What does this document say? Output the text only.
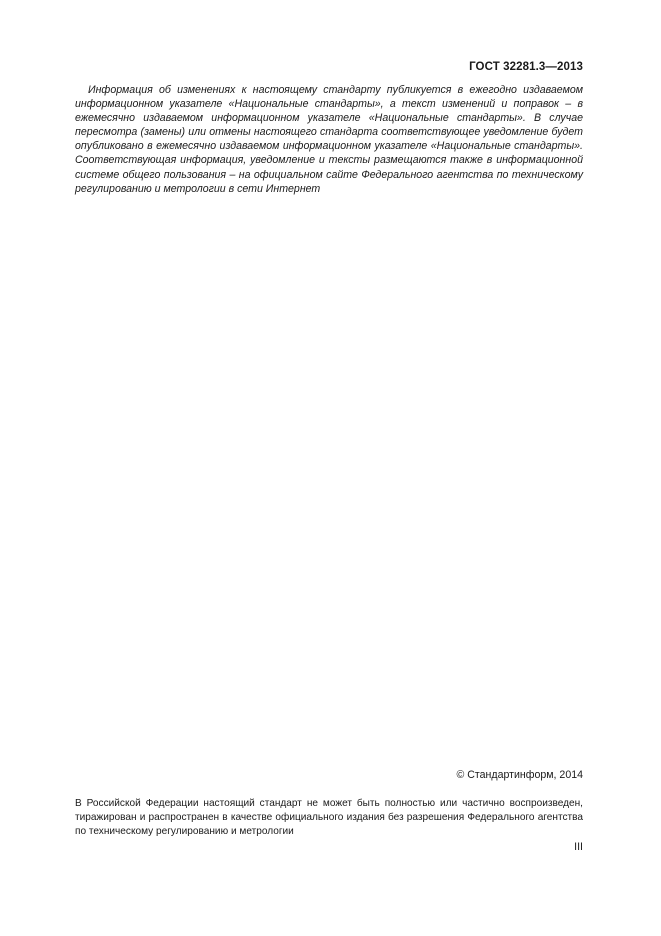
ГОСТ 32281.3—2013

Информация об изменениях к настоящему стандарту публикуется в ежегодно издаваемом информационном указателе «Национальные стандарты», а текст изменений и поправок – в ежемесячно издаваемом информационном указателе «Национальные стандарты». В случае пересмотра (замены) или отмены настоящего стандарта соответствующее уведомление будет опубликовано в ежемесячно издаваемом информационном указателе «Национальные стандарты». Соответствующая информация, уведомление и тексты размещаются также в информационной системе общего пользования – на официальном сайте Федерального агентства по техническому регулированию и метрологии в сети Интернет

© Стандартинформ, 2014

В Российской Федерации настоящий стандарт не может быть полностью или частично воспроизведен, тиражирован и распространен в качестве официального издания без разрешения Федерального агентства по техническому регулированию и метрологии

III
